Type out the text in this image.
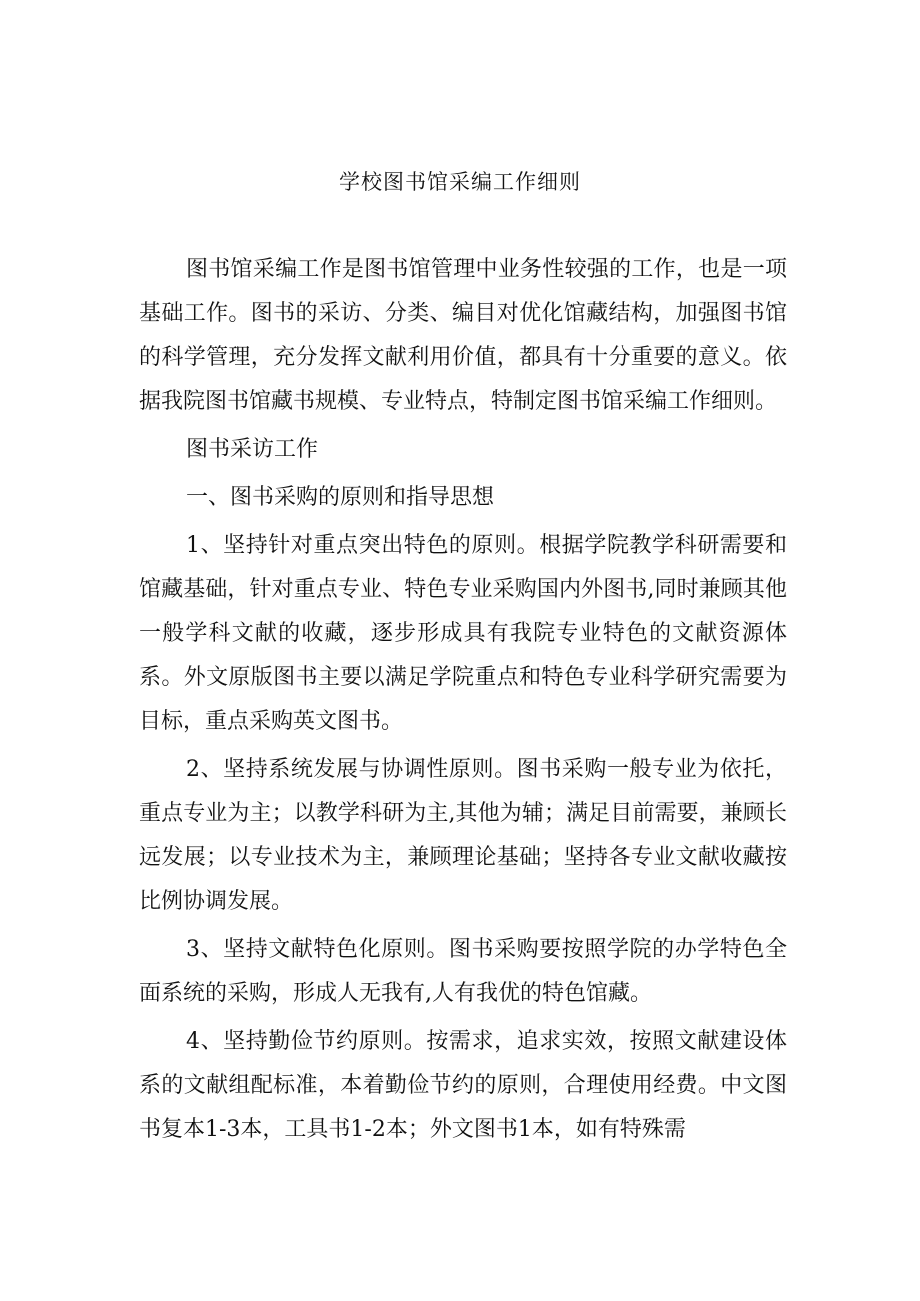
学校图书馆采编工作细则

图书馆采编工作是图书馆管理中业务性较强的工作，也是一项基础工作。图书的采访、分类、编目对优化馆藏结构，加强图书馆的科学管理，充分发挥文献利用价值，都具有十分重要的意义。依据我院图书馆藏书规模、专业特点，特制定图书馆采编工作细则。

图书采访工作

一、图书采购的原则和指导思想

1、坚持针对重点突出特色的原则。根据学院教学科研需要和馆藏基础，针对重点专业、特色专业采购国内外图书,同时兼顾其他一般学科文献的收藏，逐步形成具有我院专业特色的文献资源体系。外文原版图书主要以满足学院重点和特色专业科学研究需要为目标，重点采购英文图书。

2、坚持系统发展与协调性原则。图书采购一般专业为依托，重点专业为主；以教学科研为主,其他为辅；满足目前需要，兼顾长远发展；以专业技术为主，兼顾理论基础；坚持各专业文献收藏按比例协调发展。

3、坚持文献特色化原则。图书采购要按照学院的办学特色全面系统的采购，形成人无我有,人有我优的特色馆藏。

4、坚持勤俭节约原则。按需求，追求实效，按照文献建设体系的文献组配标准，本着勤俭节约的原则，合理使用经费。中文图书复本1-3本，工具书1-2本；外文图书1本，如有特殊需
